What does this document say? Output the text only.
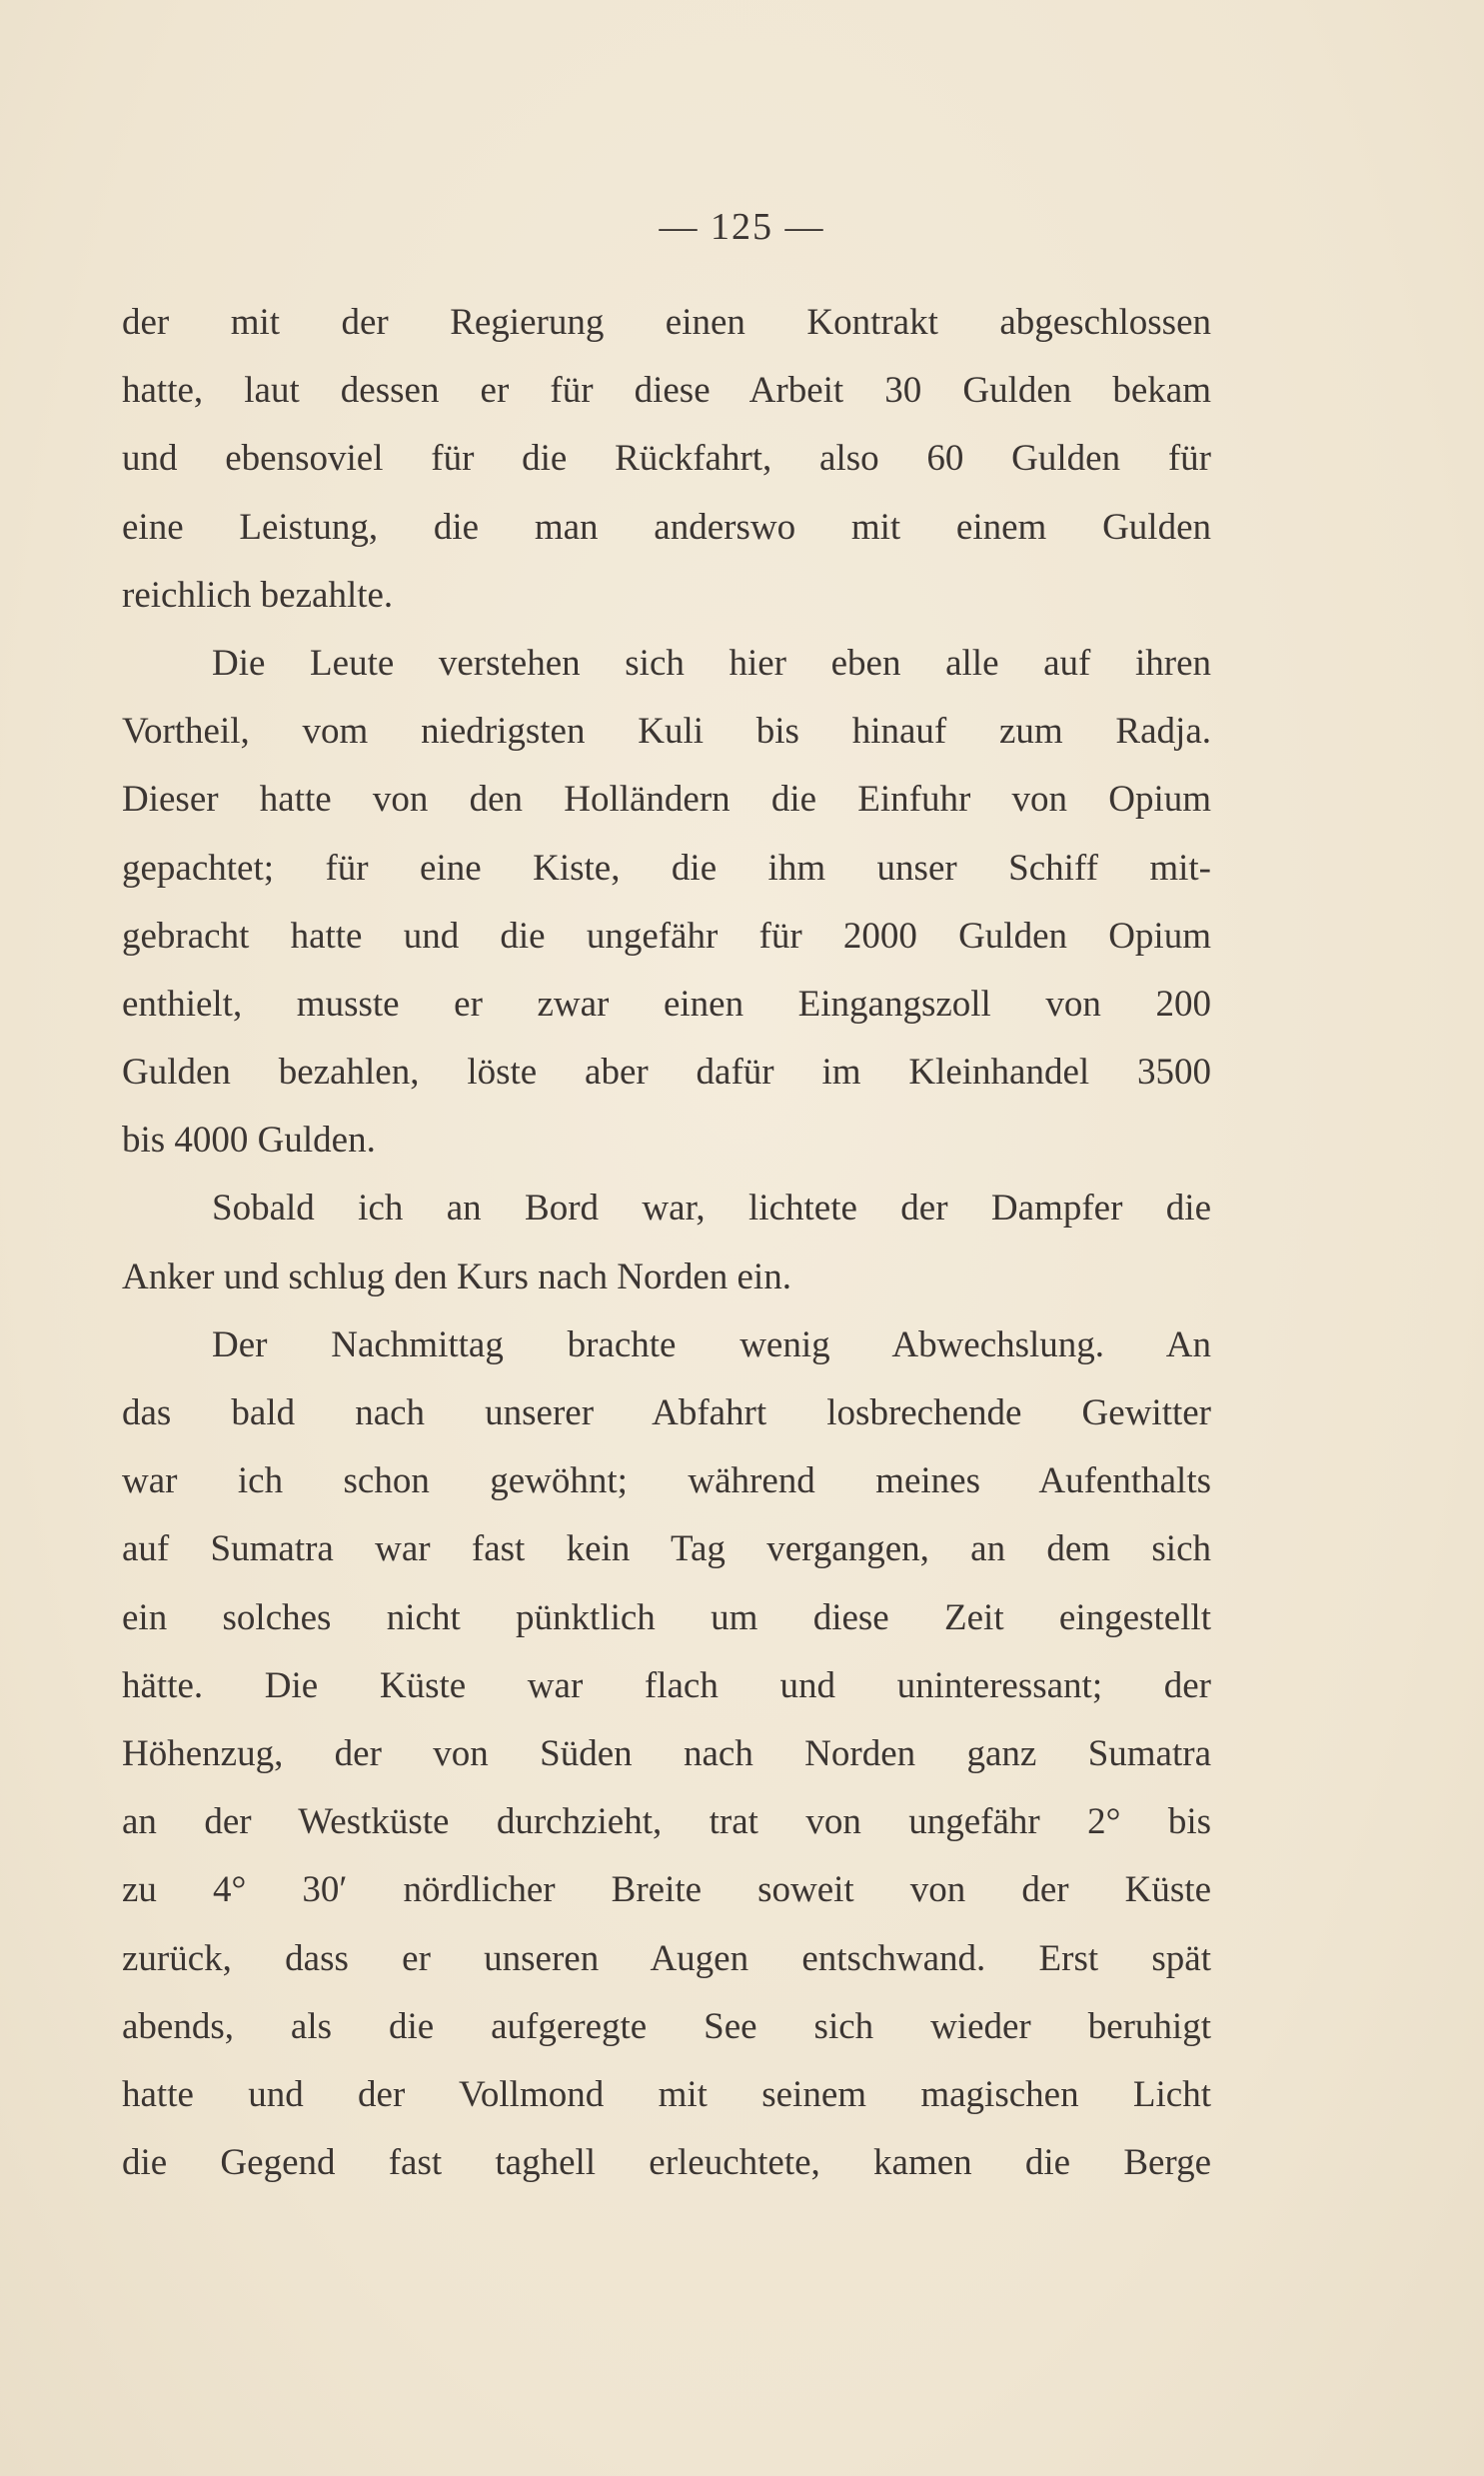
— 125 —
der mit der Regierung einen Kontrakt abgeschlossen
hatte, laut dessen er für diese Arbeit 30 Gulden bekam
und ebensoviel für die Rückfahrt, also 60 Gulden für
eine Leistung, die man anderswo mit einem Gulden
reichlich bezahlte.
Die Leute verstehen sich hier eben alle auf ihren
Vortheil, vom niedrigsten Kuli bis hinauf zum Radja.
Dieser hatte von den Holländern die Einfuhr von Opium
gepachtet; für eine Kiste, die ihm unser Schiff mit-
gebracht hatte und die ungefähr für 2000 Gulden Opium
enthielt, musste er zwar einen Eingangszoll von 200
Gulden bezahlen, löste aber dafür im Kleinhandel 3500
bis 4000 Gulden.
Sobald ich an Bord war, lichtete der Dampfer die
Anker und schlug den Kurs nach Norden ein.
Der Nachmittag brachte wenig Abwechslung. An
das bald nach unserer Abfahrt losbrechende Gewitter
war ich schon gewöhnt; während meines Aufenthalts
auf Sumatra war fast kein Tag vergangen, an dem sich
ein solches nicht pünktlich um diese Zeit eingestellt
hätte. Die Küste war flach und uninteressant; der
Höhenzug, der von Süden nach Norden ganz Sumatra
an der Westküste durchzieht, trat von ungefähr 2° bis
zu 4° 30′ nördlicher Breite soweit von der Küste
zurück, dass er unseren Augen entschwand. Erst spät
abends, als die aufgeregte See sich wieder beruhigt
hatte und der Vollmond mit seinem magischen Licht
die Gegend fast taghell erleuchtete, kamen die Berge
